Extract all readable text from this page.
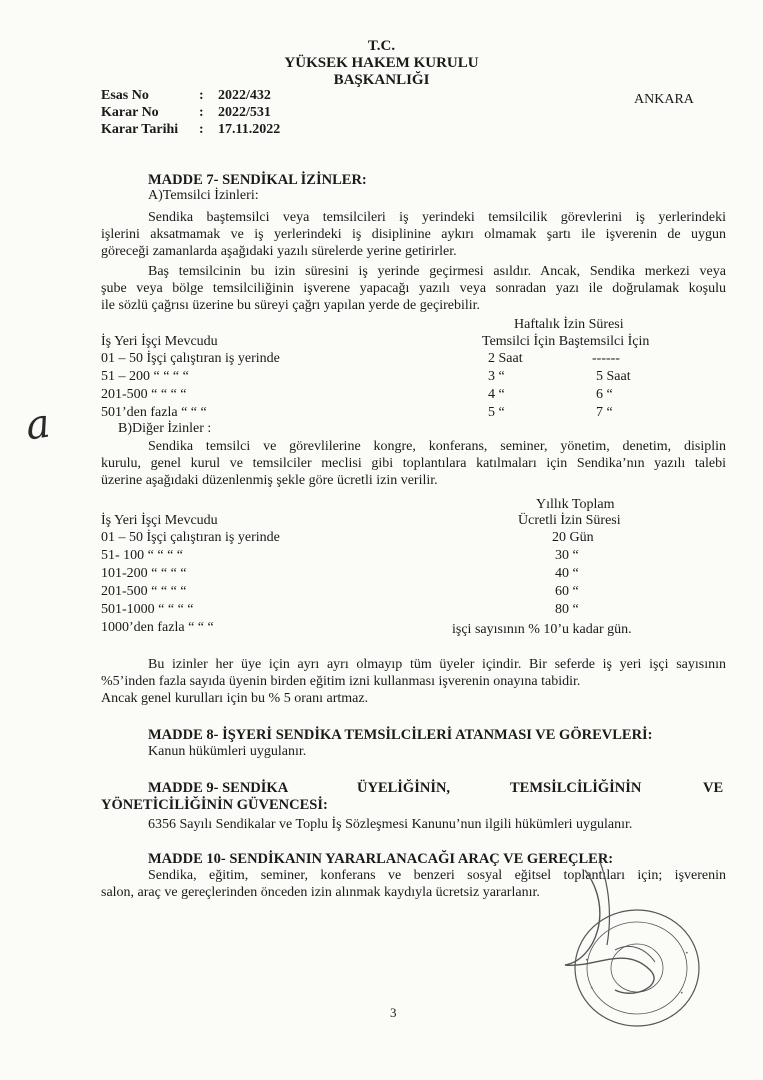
T.C.
YÜKSEK HAKEM KURULU
BAŞKANLIĞI
Esas No	: 2022/432
Karar No	: 2022/531
Karar Tarihi : 17.11.2022
ANKARA
MADDE 7- SENDİKAL İZİNLER:
A)Temsilci İzinleri:
Sendika baştemsilci veya temsilcileri iş yerindeki temsilcilik görevlerini iş yerlerindeki
işlerini aksatmamak ve iş yerlerindeki iş disiplinine aykırı olmamak şartı ile işverenin de uygun
göreceği zamanlarda aşağıdaki yazılı sürelerde yerine getirirler.
Baş temsilcinin bu izin süresini iş yerinde geçirmesi asıldır. Ancak, Sendika merkezi veya
şube veya bölge temsilciliğinin işverene yapacağı yazılı veya sonradan yazı ile doğrulamak koşulu
ile sözlü çağrısı üzerine bu süreyi çağrı yapılan yerde de geçirebilir.
Haftalık İzin Süresi
İş Yeri İşçi Mevcudu	Temsilci İçin Baştemsilci İçin
01 – 50 İşçi çalıştıran iş yerinde	2 Saat	------
51 – 200 “ “ “ “	3 “	5 Saat
201-500 “ “ “ “	4 “	6 “
501’den fazla “ “ “	5 “	7 “
B)Diğer İzinler :
Sendika temsilci ve görevlilerine kongre, konferans, seminer, yönetim, denetim, disiplin
kurulu, genel kurul ve temsilciler meclisi gibi toplantılara katılmaları için Sendika’nın yazılı talebi
üzerine aşağıdaki düzenlenmiş şekle göre ücretli izin verilir.
Yıllık Toplam
İş Yeri İşçi Mevcudu	Ücretli İzin Süresi
01 – 50 İşçi çalıştıran iş yerinde	20 Gün
51- 100 “ “ “ “	30 “
101-200 “ “ “ “	40 “
201-500 “ “ “ “	60 “
501-1000 “ “ “ “	80 “
1000’den fazla “ “ “	işçi sayısının % 10’u kadar gün.
Bu izinler her üye için ayrı ayrı olmayıp tüm üyeler içindir. Bir seferde iş yeri işçi sayısının
%5’inden fazla sayıda üyenin birden eğitim izni kullanması işverenin onayına tabidir.
Ancak genel kurulları için bu % 5 oranı artmaz.
MADDE 8- İŞYERİ SENDİKA TEMSİLCİLERİ ATANMASI VE GÖREVLERİ:
Kanun hükümleri uygulanır.
MADDE 9- SENDİKA	ÜYELİĞİNİN,	TEMSİLCİLİĞİNİN	VE
YÖNETİCİLİĞİNİN GÜVENCESİ:
6356 Sayılı Sendikalar ve Toplu İş Sözleşmesi Kanunu’nun ilgili hükümleri uygulanır.
MADDE 10- SENDİKANIN YARARLANACAĞI ARAÇ VE GEREÇLER:
Sendika, eğitim, seminer, konferans ve benzeri sosyal eğitsel toplantıları için; işverenin
salon, araç ve gereçlerinden önceden izin alınmak kaydıyla ücretsiz yararlanır.
a
•
•
•
•
3
